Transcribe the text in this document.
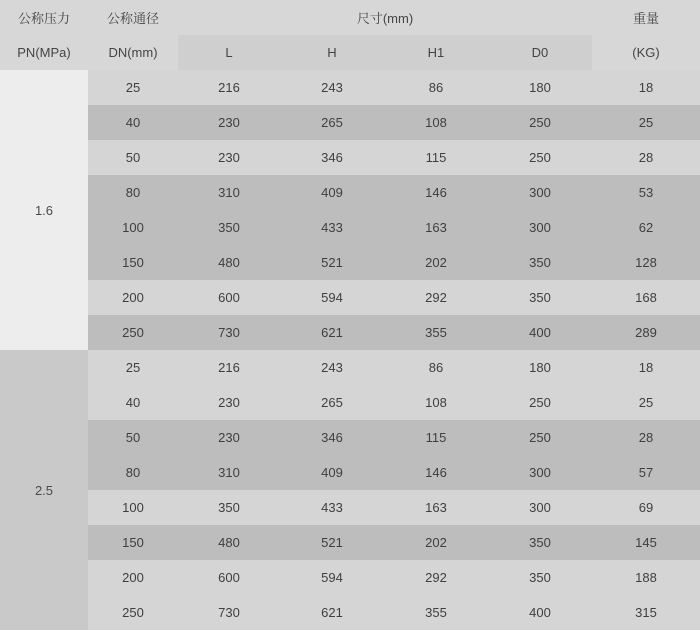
公称压力	公称通径	尺寸(mm)				重量
PN(MPa)	DN(mm)	L	H	H1	D0	(KG)
1.6	25	216	243	86	180	18
	40	230	265	108	250	25
	50	230	346	115	250	28
	80	310	409	146	300	53
	100	350	433	163	300	62
	150	480	521	202	350	128
	200	600	594	292	350	168
	250	730	621	355	400	289
2.5	25	216	243	86	180	18
	40	230	265	108	250	25
	50	230	346	115	250	28
	80	310	409	146	300	57
	100	350	433	163	300	69
	150	480	521	202	350	145
	200	600	594	292	350	188
	250	730	621	355	400	315
